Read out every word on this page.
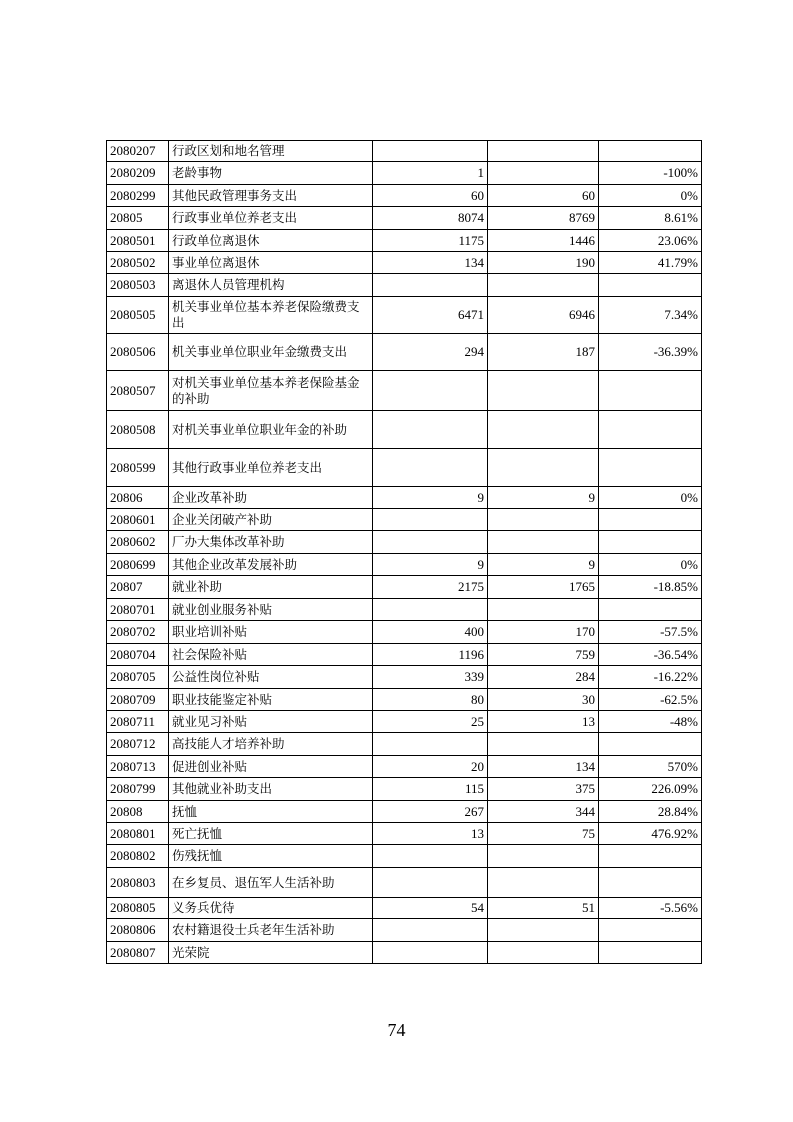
2080207	行政区划和地名管理			
2080209	老龄事物	1		-100%
2080299	其他民政管理事务支出	60	60	0%
20805	行政事业单位养老支出	8074	8769	8.61%
2080501	行政单位离退休	1175	1446	23.06%
2080502	事业单位离退休	134	190	41.79%
2080503	离退休人员管理机构			
2080505	机关事业单位基本养老保险缴费支出	6471	6946	7.34%
2080506	机关事业单位职业年金缴费支出	294	187	-36.39%
2080507	对机关事业单位基本养老保险基金的补助			
2080508	对机关事业单位职业年金的补助			
2080599	其他行政事业单位养老支出			
20806	企业改革补助	9	9	0%
2080601	企业关闭破产补助			
2080602	厂办大集体改革补助			
2080699	其他企业改革发展补助	9	9	0%
20807	就业补助	2175	1765	-18.85%
2080701	就业创业服务补贴			
2080702	职业培训补贴	400	170	-57.5%
2080704	社会保险补贴	1196	759	-36.54%
2080705	公益性岗位补贴	339	284	-16.22%
2080709	职业技能鉴定补贴	80	30	-62.5%
2080711	就业见习补贴	25	13	-48%
2080712	高技能人才培养补助			
2080713	促进创业补贴	20	134	570%
2080799	其他就业补助支出	115	375	226.09%
20808	抚恤	267	344	28.84%
2080801	死亡抚恤	13	75	476.92%
2080802	伤残抚恤			
2080803	在乡复员、退伍军人生活补助			
2080805	义务兵优待	54	51	-5.56%
2080806	农村籍退役士兵老年生活补助			
2080807	光荣院			
74
